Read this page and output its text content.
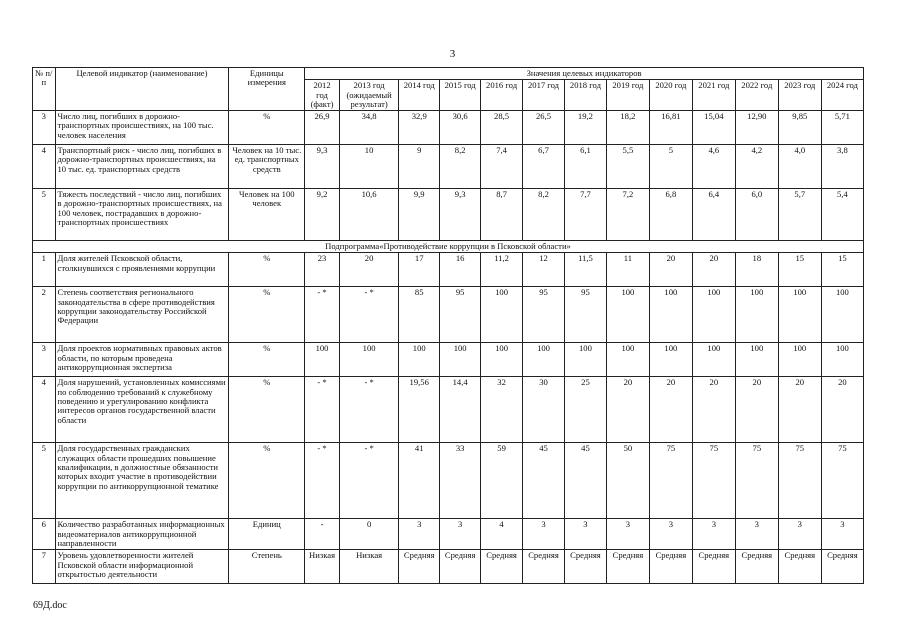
3
№ п/п	Целевой индикатор (наименование)	Единицы измерения	Значения целевых индикаторов												
			2012 год (факт)	2013 год (ожидаемый результат)	2014 год	2015 год	2016 год	2017 год	2018 год	2019 год	2020 год	2021 год	2022 год	2023 год	2024 год
3	Число лиц, погибших в дорожно-транспортных происшествиях, на 100 тыс. человек населения	%	26,9	34,8	32,9	30,6	28,5	26,5	19,2	18,2	16,81	15,04	12,90	9,85	5,71
4	Транспортный риск - число лиц, погибших в дорожно-транспортных происшествиях, на 10 тыс. ед. транспортных средств	Человек на 10 тыс. ед. транспортных средств	9,3	10	9	8,2	7,4	6,7	6,1	5,5	5	4,6	4,2	4,0	3,8
5	Тяжесть последствий - число лиц, погибших в дорожно-транспортных происшествиях, на 100 человек, пострадавших в дорожно-транспортных происшествиях	Человек на 100 человек	9,2	10,6	9,9	9,3	8,7	8,2	7,7	7,2	6,8	6,4	6,0	5,7	5,4
Подпрограмма«Противодействие коррупции в Псковской области»															
1	Доля жителей Псковской области, столкнувшихся с проявлениями коррупции	%	23	20	17	16	11,2	12	11,5	11	20	20	18	15	15
2	Степень соответствия регионального законодательства в сфере противодействия коррупции законодательству Российской Федерации	%	- *	- *	85	95	100	95	95	100	100	100	100	100	100
3	Доля проектов нормативных правовых актов области, по которым проведена антикоррупционная экспертиза	%	100	100	100	100	100	100	100	100	100	100	100	100	100
4	Доля нарушений, установленных комиссиями по соблюдению требований к служебному поведению и урегулированию конфликта интересов органов государственной власти области	%	- *	- *	19,56	14,4	32	30	25	20	20	20	20	20	20
5	Доля государственных гражданских служащих области прошедших повышение квалификации, в должностные обязанности которых входит участие в противодействии коррупции по антикоррупционной тематике	%	- *	- *	41	33	59	45	45	50	75	75	75	75	75
6	Количество разработанных информационных видеоматериалов антикоррупционной направленности	Единиц	-	0	3	3	4	3	3	3	3	3	3	3	3
7	Уровень удовлетворенности жителей Псковской области информационной открытостью деятельности	Степень	Низкая	Низкая	Средняя	Средняя	Средняя	Средняя	Средняя	Средняя	Средняя	Средняя	Средняя	Средняя	Средняя
69Д.doc
